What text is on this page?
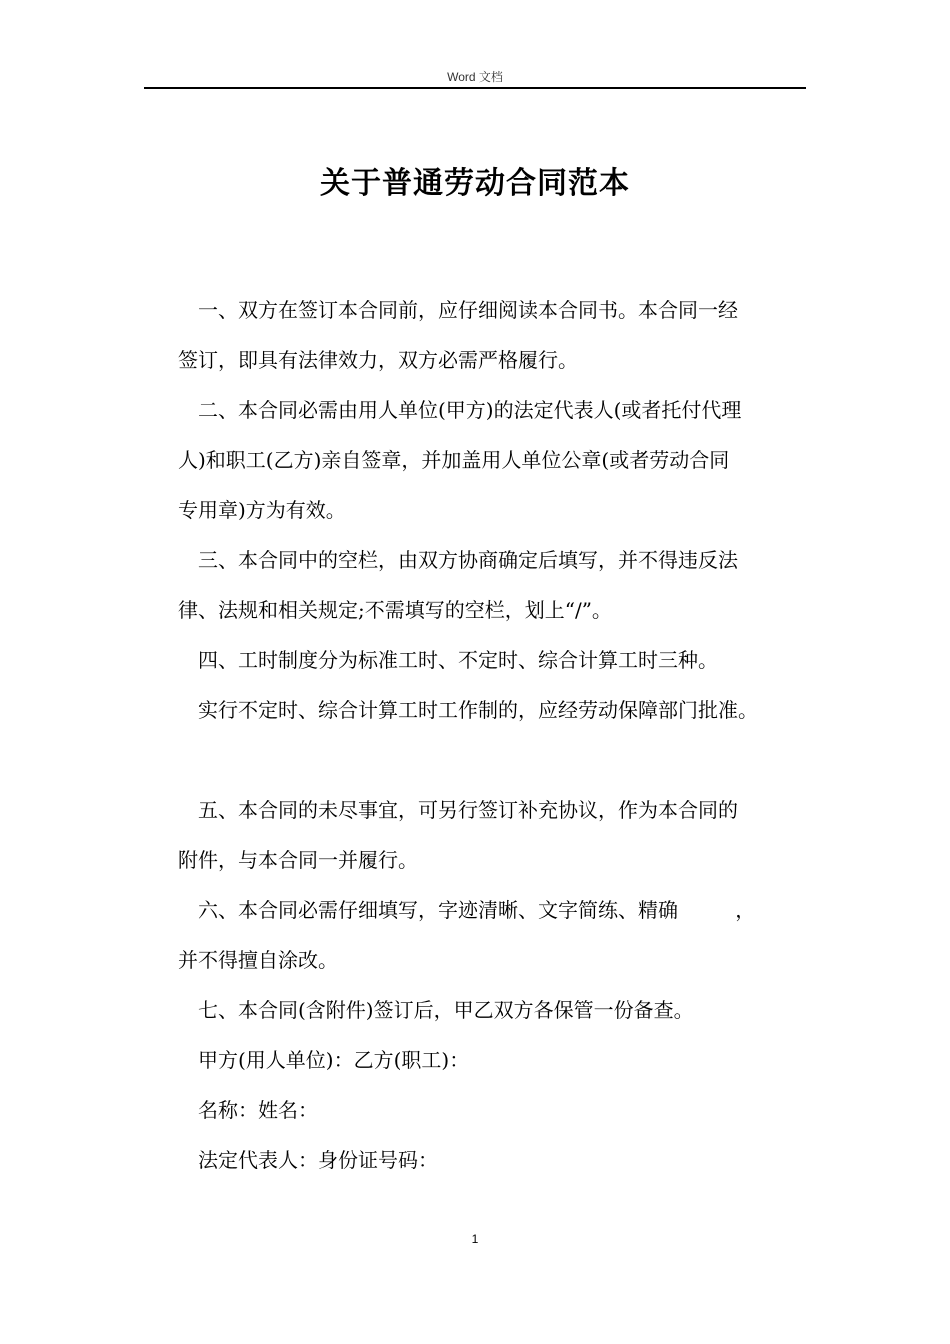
Word 文档
关于普通劳动合同范本
一、双方在签订本合同前，应仔细阅读本合同书。本合同一经
签订，即具有法律效力，双方必需严格履行。
二、本合同必需由用人单位(甲方)的法定代表人(或者托付代理
人)和职工(乙方)亲自签章，并加盖用人单位公章(或者劳动合同
专用章)方为有效。
三、本合同中的空栏，由双方协商确定后填写，并不得违反法
律、法规和相关规定;不需填写的空栏，划上“/”。
四、工时制度分为标准工时、不定时、综合计算工时三种。
实行不定时、综合计算工时工作制的，应经劳动保障部门批准。
五、本合同的未尽事宜，可另行签订补充协议，作为本合同的
附件，与本合同一并履行。
六、本合同必需仔细填写，字迹清晰、文字简练、精确         ，
并不得擅自涂改。
七、本合同(含附件)签订后，甲乙双方各保管一份备查。
甲方(用人单位)：乙方(职工)：
名称：姓名：
法定代表人：身份证号码：
1
